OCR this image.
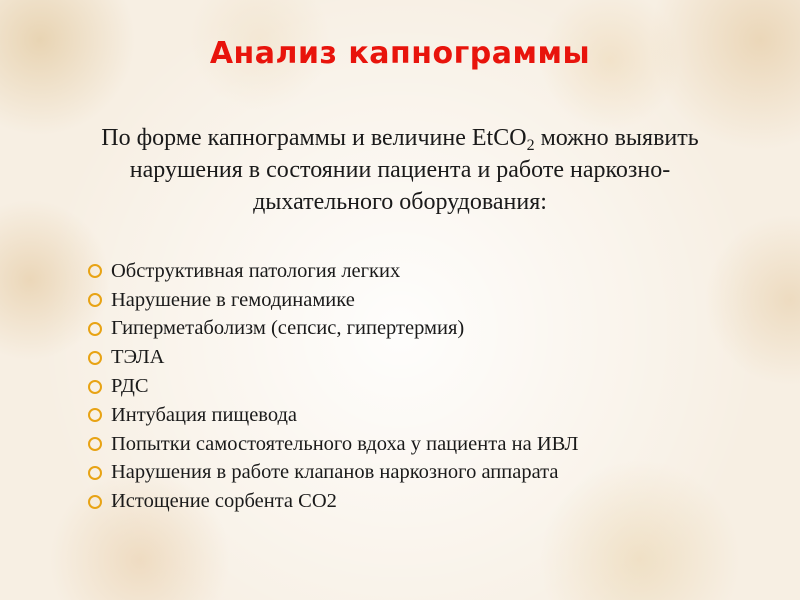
Анализ капнограммы
По форме капнограммы и величине EtCO$_2$ можно выявить нарушения в состоянии пациента и работе наркозно-дыхательного оборудования:
Обструктивная патология легких
Нарушение в гемодинамике
Гиперметаболизм (сепсис, гипертермия)
ТЭЛА
РДС
Интубация пищевода
Попытки самостоятельного вдоха у пациента на ИВЛ
Нарушения в работе клапанов наркозного аппарата
Истощение сорбента СО2
